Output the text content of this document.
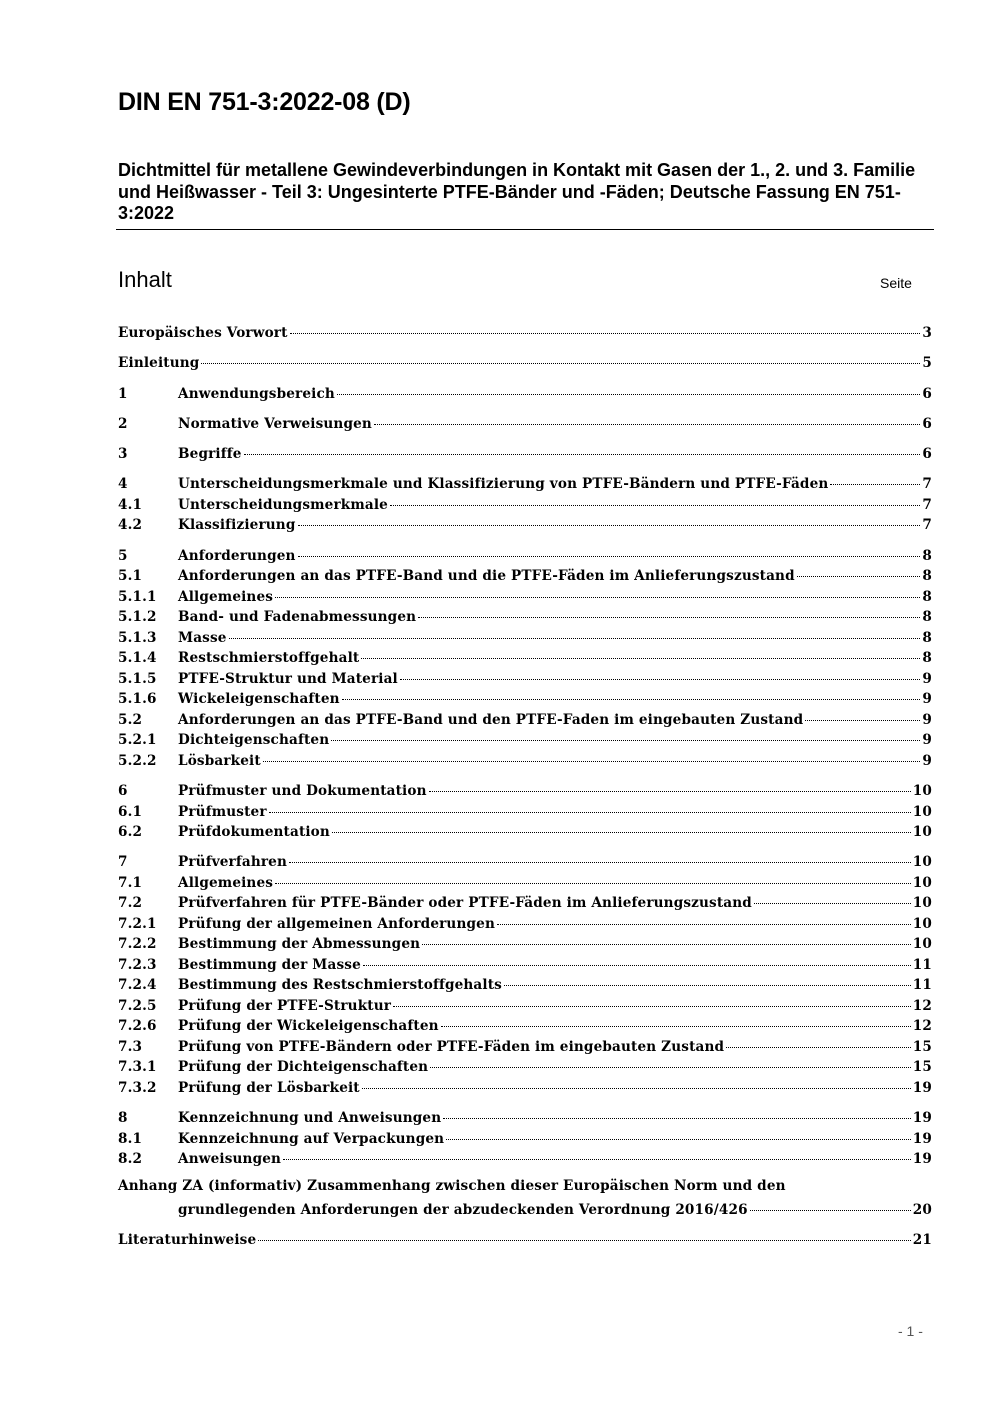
DIN EN 751-3:2022-08 (D)
Dichtmittel für metallene Gewindeverbindungen in Kontakt mit Gasen der 1., 2. und 3. Familie und Heißwasser - Teil 3: Ungesinterte PTFE-Bänder und -Fäden; Deutsche Fassung EN 751-3:2022
Inhalt	Seite
Europäisches Vorwort	3
Einleitung	5
1	Anwendungsbereich	6
2	Normative Verweisungen	6
3	Begriffe	6
4	Unterscheidungsmerkmale und Klassifizierung von PTFE-Bändern und PTFE-Fäden	7
4.1	Unterscheidungsmerkmale	7
4.2	Klassifizierung	7
5	Anforderungen	8
5.1	Anforderungen an das PTFE-Band und die PTFE-Fäden im Anlieferungszustand	8
5.1.1	Allgemeines	8
5.1.2	Band- und Fadenabmessungen	8
5.1.3	Masse	8
5.1.4	Restschmierstoffgehalt	8
5.1.5	PTFE-Struktur und Material	9
5.1.6	Wickeleigenschaften	9
5.2	Anforderungen an das PTFE-Band und den PTFE-Faden im eingebauten Zustand	9
5.2.1	Dichteigenschaften	9
5.2.2	Lösbarkeit	9
6	Prüfmuster und Dokumentation	10
6.1	Prüfmuster	10
6.2	Prüfdokumentation	10
7	Prüfverfahren	10
7.1	Allgemeines	10
7.2	Prüfverfahren für PTFE-Bänder oder PTFE-Fäden im Anlieferungszustand	10
7.2.1	Prüfung der allgemeinen Anforderungen	10
7.2.2	Bestimmung der Abmessungen	10
7.2.3	Bestimmung der Masse	11
7.2.4	Bestimmung des Restschmierstoffgehalts	11
7.2.5	Prüfung der PTFE-Struktur	12
7.2.6	Prüfung der Wickeleigenschaften	12
7.3	Prüfung von PTFE-Bändern oder PTFE-Fäden im eingebauten Zustand	15
7.3.1	Prüfung der Dichteigenschaften	15
7.3.2	Prüfung der Lösbarkeit	19
8	Kennzeichnung und Anweisungen	19
8.1	Kennzeichnung auf Verpackungen	19
8.2	Anweisungen	19
Anhang ZA (informativ) Zusammenhang zwischen dieser Europäischen Norm und den
grundlegenden Anforderungen der abzudeckenden Verordnung 2016/426	20
Literaturhinweise	21
- 1 -
